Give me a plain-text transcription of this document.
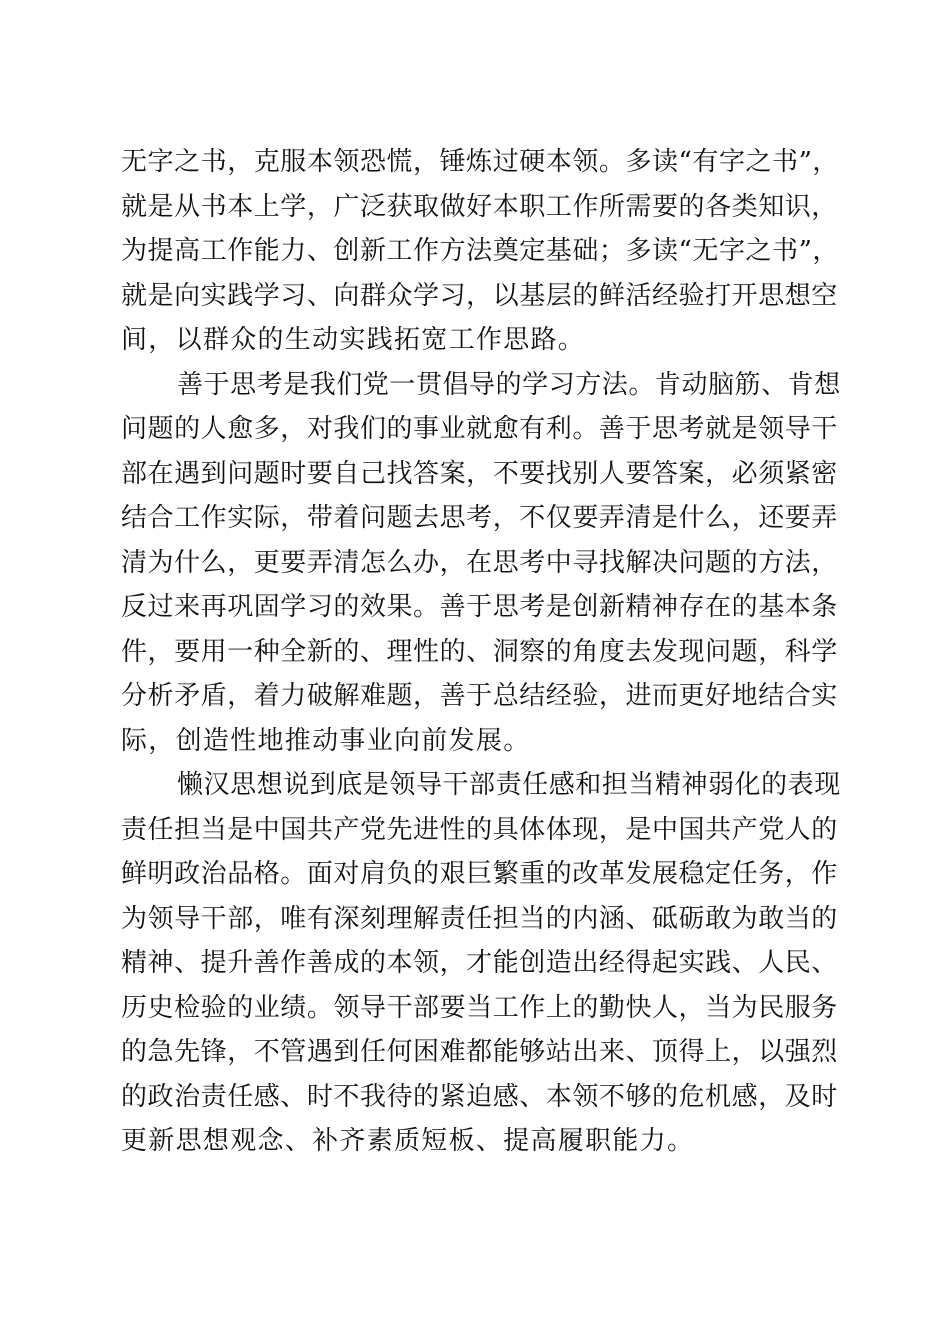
无字之书，克服本领恐慌，锤炼过硬本领。多读“有字之书”，
就是从书本上学，广泛获取做好本职工作所需要的各类知识，
为提高工作能力、创新工作方法奠定基础；多读“无字之书”，
就是向实践学习、向群众学习，以基层的鲜活经验打开思想空
间，以群众的生动实践拓宽工作思路。
善于思考是我们党一贯倡导的学习方法。肯动脑筋、肯想
问题的人愈多，对我们的事业就愈有利。善于思考就是领导干
部在遇到问题时要自己找答案，不要找别人要答案，必须紧密
结合工作实际，带着问题去思考，不仅要弄清是什么，还要弄
清为什么，更要弄清怎么办，在思考中寻找解决问题的方法，
反过来再巩固学习的效果。善于思考是创新精神存在的基本条
件，要用一种全新的、理性的、洞察的角度去发现问题，科学
分析矛盾，着力破解难题，善于总结经验，进而更好地结合实
际，创造性地推动事业向前发展。
懒汉思想说到底是领导干部责任感和担当精神弱化的表现
责任担当是中国共产党先进性的具体体现，是中国共产党人的
鲜明政治品格。面对肩负的艰巨繁重的改革发展稳定任务，作
为领导干部，唯有深刻理解责任担当的内涵、砥砺敢为敢当的
精神、提升善作善成的本领，才能创造出经得起实践、人民、
历史检验的业绩。领导干部要当工作上的勤快人，当为民服务
的急先锋，不管遇到任何困难都能够站出来、顶得上，以强烈
的政治责任感、时不我待的紧迫感、本领不够的危机感，及时
更新思想观念、补齐素质短板、提高履职能力。
